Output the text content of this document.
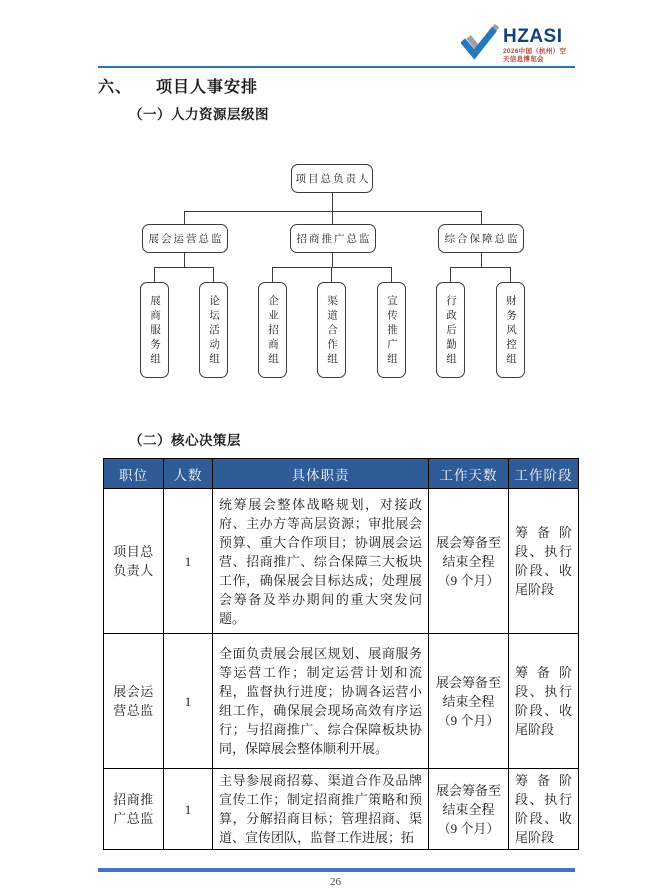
HZASI
2026中国（杭州）空
天信息博览会
六、 项目人事安排
（一）人力资源层级图
项目总负责人
展会运营总监	招商推广总监	综合保障总监
展商服务组	论坛活动组	企业招商组	渠道合作组	宣传推广组	行政后勤组	财务风控组
（二）核心决策层
职位	人数	具体职责	工作天数	工作阶段
项目总负责人	1	统筹展会整体战略规划，对接政府、主办方等高层资源；审批展会预算、重大合作项目；协调展会运营、招商推广、综合保障三大板块工作，确保展会目标达成；处理展会筹备及举办期间的重大突发问题。	展会筹备至结束全程（9 个月）	筹备阶段、执行阶段、收尾阶段
展会运营总监	1	全面负责展会展区规划、展商服务等运营工作；制定运营计划和流程，监督执行进度；协调各运营小组工作，确保展会现场高效有序运行；与招商推广、综合保障板块协同，保障展会整体顺利开展。	展会筹备至结束全程（9 个月）	筹备阶段、执行阶段、收尾阶段
招商推广总监	1	主导参展商招募、渠道合作及品牌宣传工作；制定招商推广策略和预算，分解招商目标；管理招商、渠道、宣传团队，监督工作进展；拓	展会筹备至结束全程（9 个月）	筹备阶段、执行阶段、收尾阶段
26
